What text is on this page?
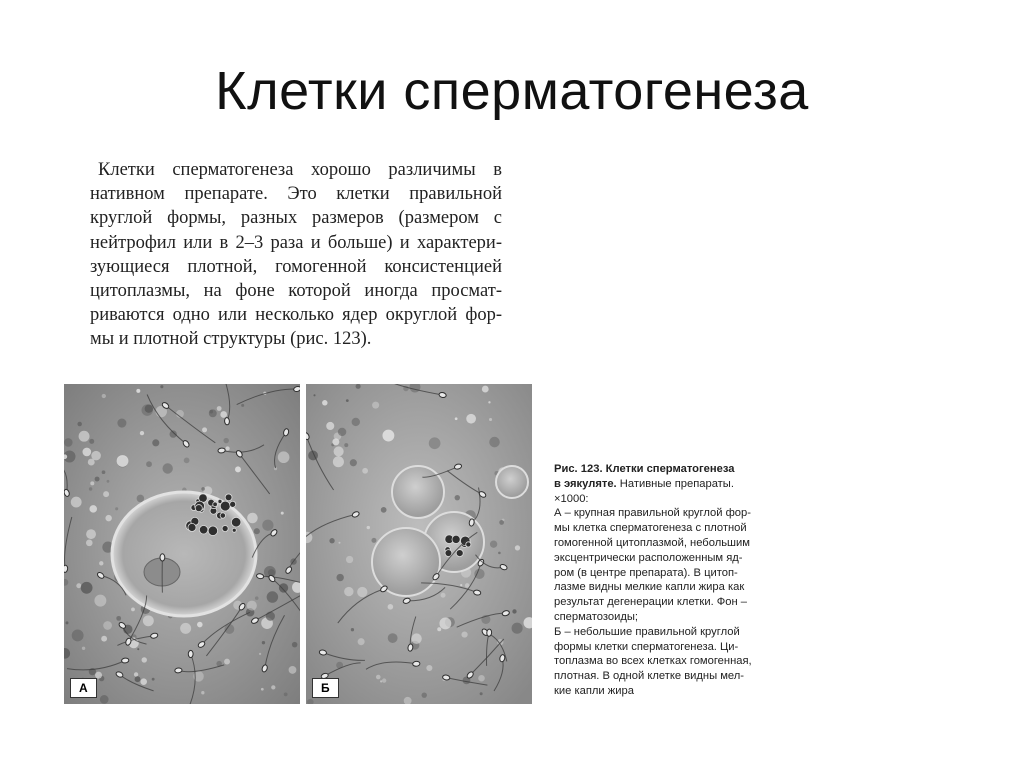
Клетки сперматогенеза
Клетки сперматогенеза хорошо различимы в
нативном препарате. Это клетки правильной
круглой формы, разных размеров (размером с
нейтрофил или в 2–3 раза и больше) и характери-
зующиеся плотной, гомогенной консистенцией
цитоплазмы, на фоне которой иногда просмат-
риваются одно или несколько ядер округлой фор-
мы и плотной структуры (рис. 123).
А	Б
Рис. 123. Клетки сперматогенеза
в эякуляте. Нативные препараты.
×1000:
А – крупная правильной круглой фор-
мы клетка сперматогенеза с плотной
гомогенной цитоплазмой, небольшим
эксцентрически расположенным яд-
ром (в центре препарата). В цитоп-
лазме видны мелкие капли жира как
результат дегенерации клетки. Фон –
сперматозоиды;
Б – небольшие правильной круглой
формы клетки сперматогенеза. Ци-
топлазма во всех клетках гомогенная,
плотная. В одной клетке видны мел-
кие капли жира
